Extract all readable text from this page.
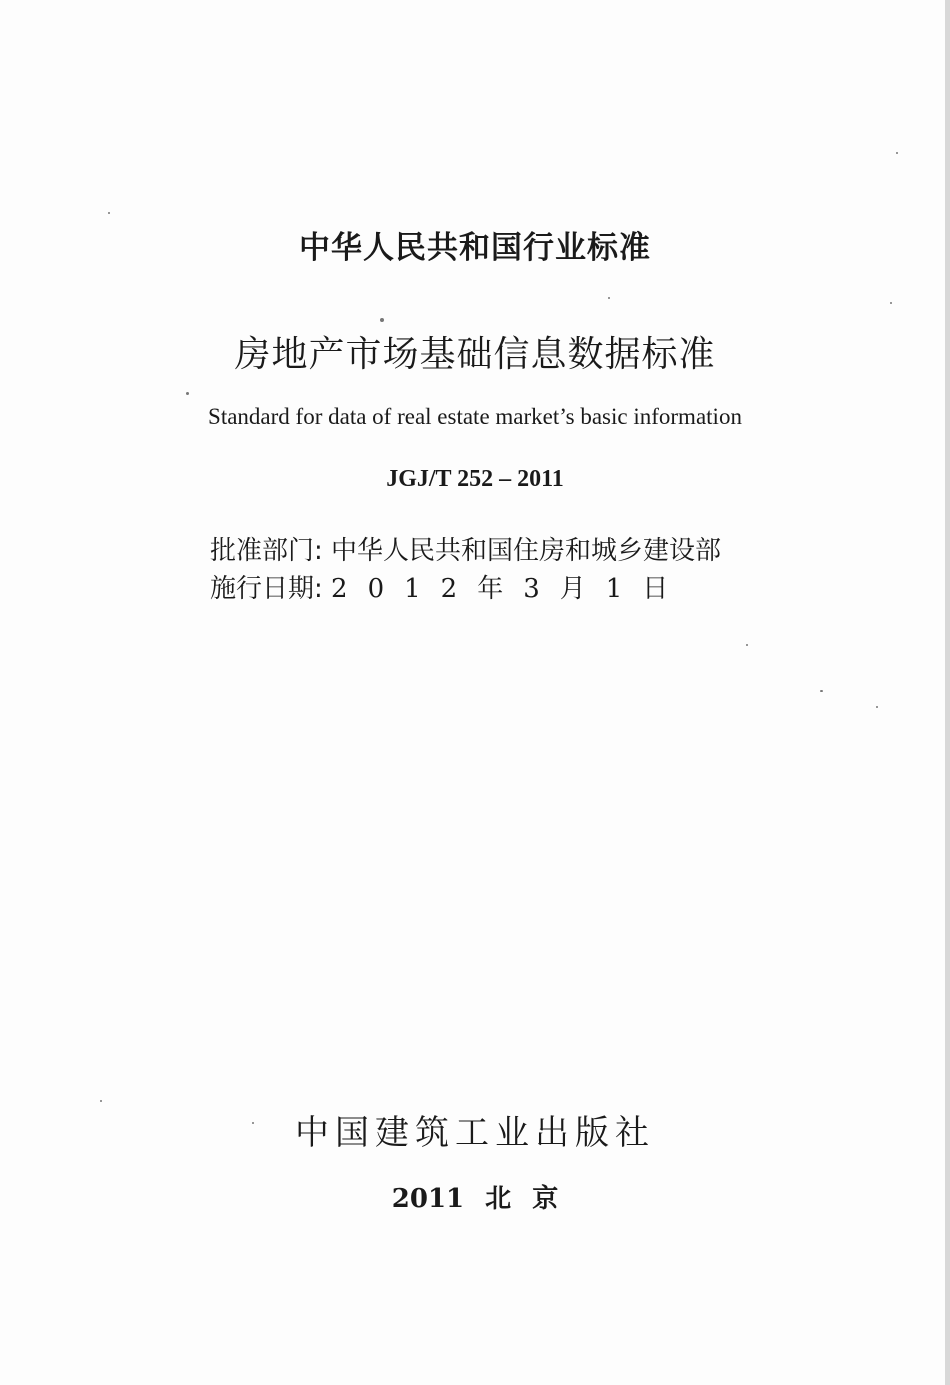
中华人民共和国行业标准
房地产市场基础信息数据标准
Standard for data of real estate market’s basic information
JGJ/T 252 – 2011
批准部门: 中华人民共和国住房和城乡建设部
施行日期: 2012年3月1日
中国建筑工业出版社
2011 北 京
